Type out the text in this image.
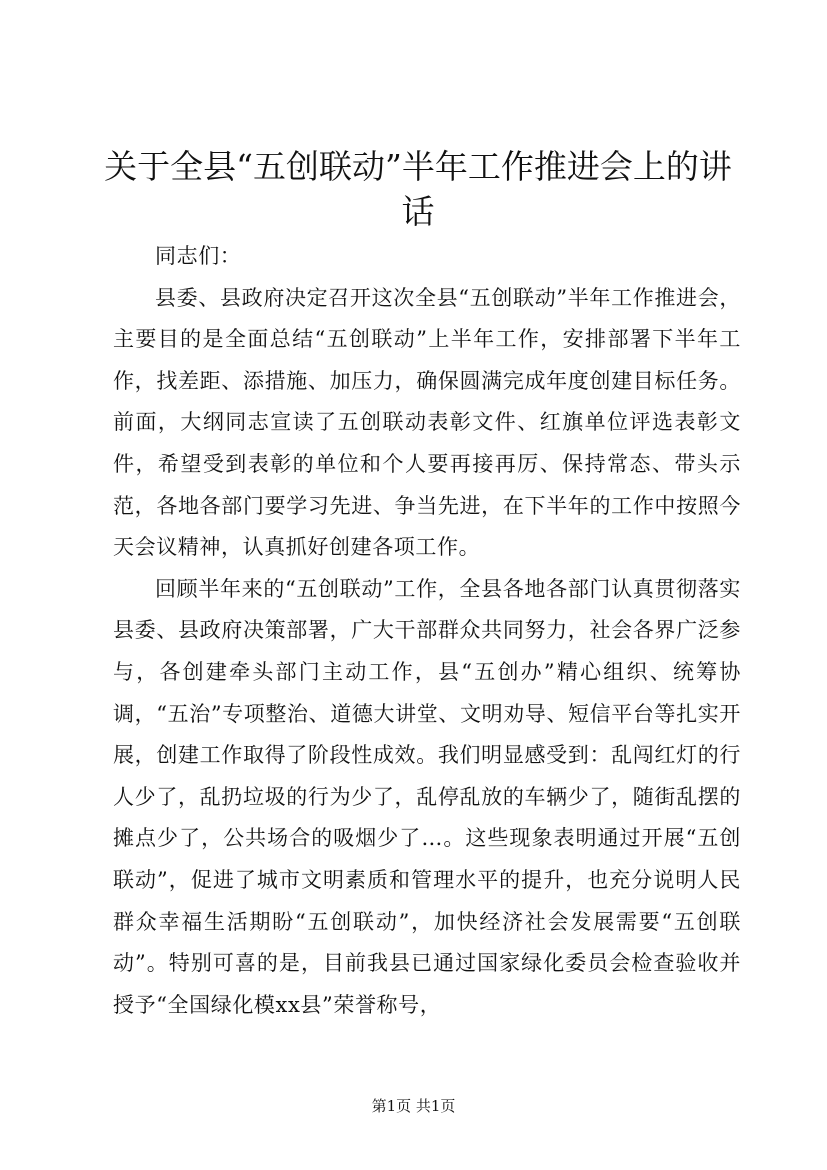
关于全县“五创联动”半年工作推进会上的讲话

同志们：

县委、县政府决定召开这次全县“五创联动”半年工作推进会，主要目的是全面总结“五创联动”上半年工作，安排部署下半年工作，找差距、添措施、加压力，确保圆满完成年度创建目标任务。前面，大纲同志宣读了五创联动表彰文件、红旗单位评选表彰文件，希望受到表彰的单位和个人要再接再厉、保持常态、带头示范，各地各部门要学习先进、争当先进，在下半年的工作中按照今天会议精神，认真抓好创建各项工作。

回顾半年来的“五创联动”工作，全县各地各部门认真贯彻落实县委、县政府决策部署，广大干部群众共同努力，社会各界广泛参与，各创建牵头部门主动工作，县“五创办”精心组织、统筹协调，“五治”专项整治、道德大讲堂、文明劝导、短信平台等扎实开展，创建工作取得了阶段性成效。我们明显感受到：乱闯红灯的行人少了，乱扔垃圾的行为少了，乱停乱放的车辆少了，随街乱摆的摊点少了，公共场合的吸烟少了…。这些现象表明通过开展“五创联动”，促进了城市文明素质和管理水平的提升，也充分说明人民群众幸福生活期盼“五创联动”，加快经济社会发展需要“五创联动”。特别可喜的是，目前我县已通过国家绿化委员会检查验收并授予“全国绿化模xx县”荣誉称号，

第1页 共1页
